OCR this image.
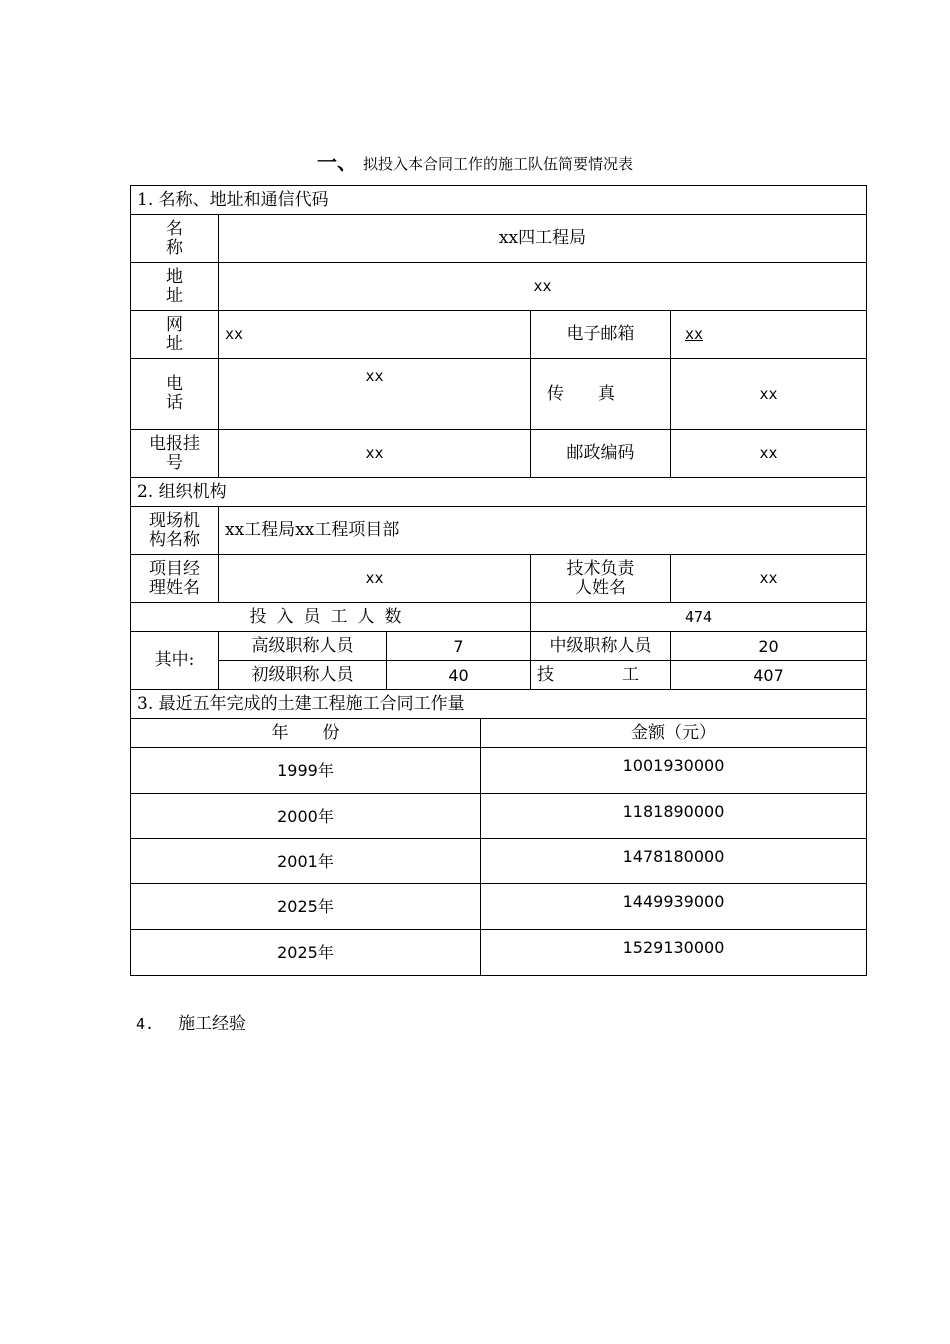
一、 拟投入本合同工作的施工队伍简要情况表
1. 名称、地址和通信代码					
名
称	xx四工程局				
地
址	xx				
网
址	xx			电子邮箱	xx
电
话	xx			传　　真	xx
电报挂
号	xx			邮政编码	xx
2. 组织机构					
现场机
构名称	xx工程局xx工程项目部				
项目经
理姓名	xx			技术负责
人姓名	xx
投入员工人数				474	
其中:	高级职称人员	7		中级职称人员	20
	初级职称人员	40		技　　　　工	407
3. 最近五年完成的土建工程施工合同工作量					
年　　份			金额（元）		
1999年			1001930000		
2000年			1181890000		
2001年			1478180000		
2025年			1449939000		
2025年			1529130000		
4. 施工经验
